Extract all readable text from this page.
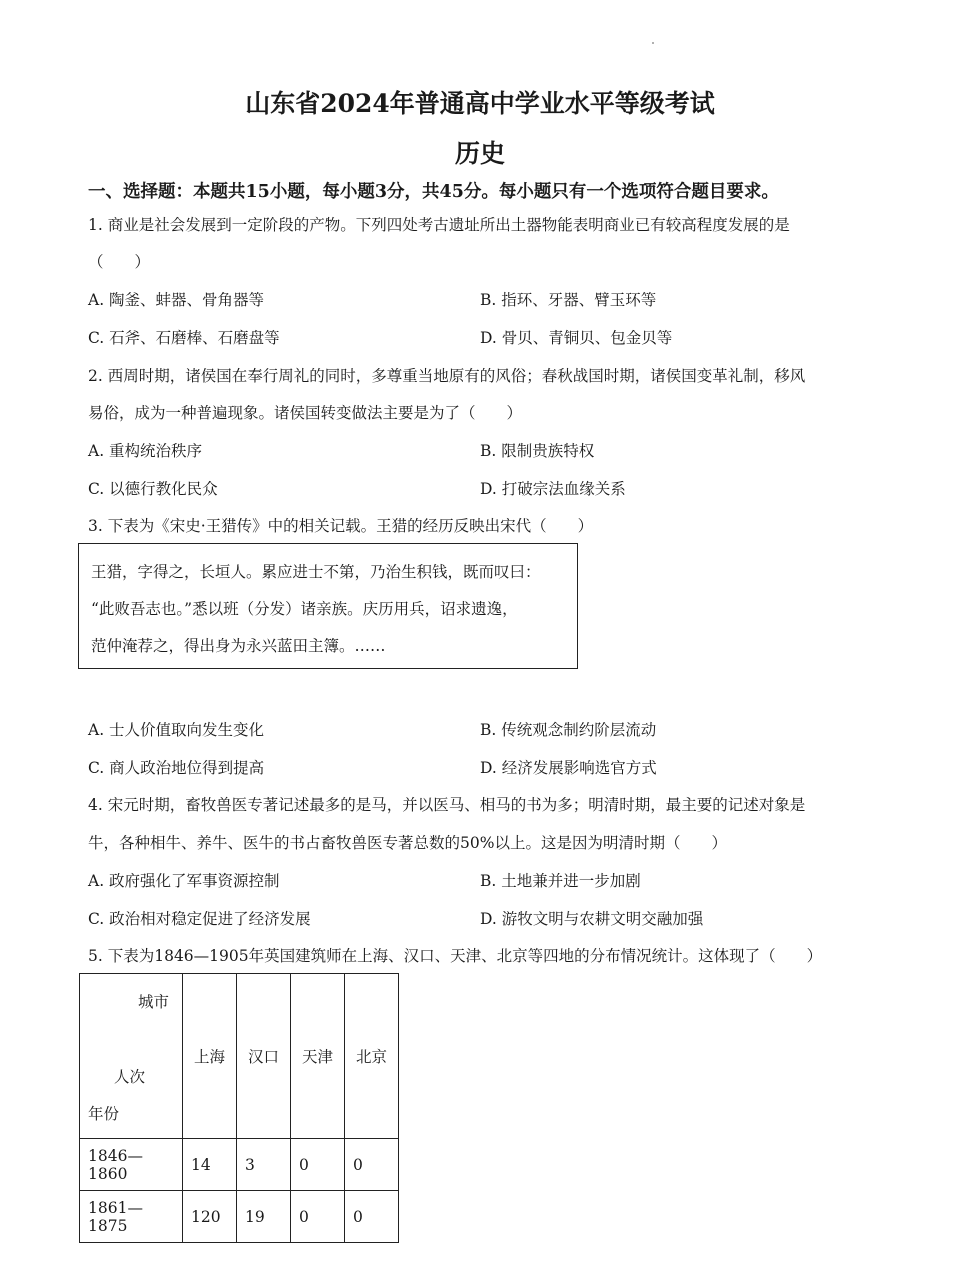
山东省2024年普通高中学业水平等级考试
历史
一、选择题：本题共15小题，每小题3分，共45分。每小题只有一个选项符合题目要求。
1. 商业是社会发展到一定阶段的产物。下列四处考古遗址所出土器物能表明商业已有较高程度发展的是
（　　）
A. 陶釜、蚌器、骨角器等	B. 指环、牙器、臂玉环等
C. 石斧、石磨棒、石磨盘等	D. 骨贝、青铜贝、包金贝等
2. 西周时期，诸侯国在奉行周礼的同时，多尊重当地原有的风俗；春秋战国时期，诸侯国变革礼制，移风
易俗，成为一种普遍现象。诸侯国转变做法主要是为了（　　）
A. 重构统治秩序	B. 限制贵族特权
C. 以德行教化民众	D. 打破宗法血缘关系
3. 下表为《宋史·王猎传》中的相关记载。王猎的经历反映出宋代（　　）
王猎，字得之，长垣人。累应进士不第，乃治生积钱，既而叹曰：
“此败吾志也。”悉以班（分发）诸亲族。庆历用兵，诏求遗逸，
范仲淹荐之，得出身为永兴蓝田主簿。……
A. 士人价值取向发生变化	B. 传统观念制约阶层流动
C. 商人政治地位得到提高	D. 经济发展影响选官方式
4. 宋元时期，畜牧兽医专著记述最多的是马，并以医马、相马的书为多；明清时期，最主要的记述对象是
牛，各种相牛、养牛、医牛的书占畜牧兽医专著总数的50%以上。这是因为明清时期（　　）
A. 政府强化了军事资源控制	B. 土地兼并进一步加剧
C. 政治相对稳定促进了经济发展	D. 游牧文明与农耕文明交融加强
5. 下表为1846—1905年英国建筑师在上海、汉口、天津、北京等四地的分布情况统计。这体现了（　　）
城市
人次
年份	上海	汉口	天津	北京
1846—1860	14	3	0	0
1861—1875	120	19	0	0
